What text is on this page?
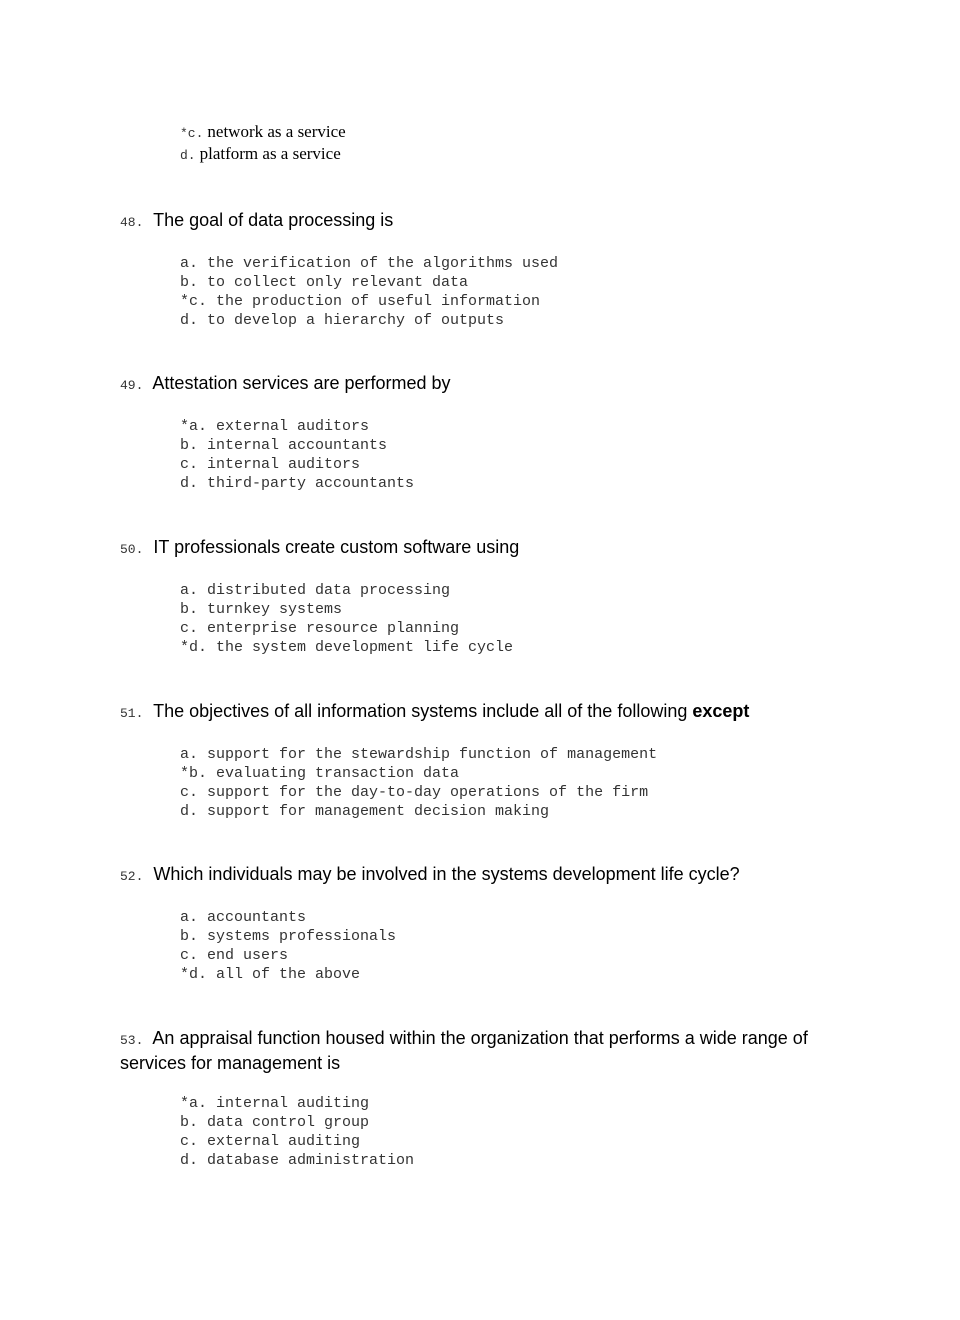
*c. network as a service
d. platform as a service

48. The goal of data processing is

a. the verification of the algorithms used
b. to collect only relevant data
*c. the production of useful information
d. to develop a hierarchy of outputs

49. Attestation services are performed by

*a. external auditors
b. internal accountants
c. internal auditors
d. third-party accountants

50. IT professionals create custom software using

a. distributed data processing
b. turnkey systems
c. enterprise resource planning
*d. the system development life cycle

51. The objectives of all information systems include all of the following except

a. support for the stewardship function of management
*b. evaluating transaction data
c. support for the day-to-day operations of the firm
d. support for management decision making

52. Which individuals may be involved in the systems development life cycle?

a. accountants
b. systems professionals
c. end users
*d. all of the above

53. An appraisal function housed within the organization that performs a wide range of services for management is

*a. internal auditing
b. data control group
c. external auditing
d. database administration
